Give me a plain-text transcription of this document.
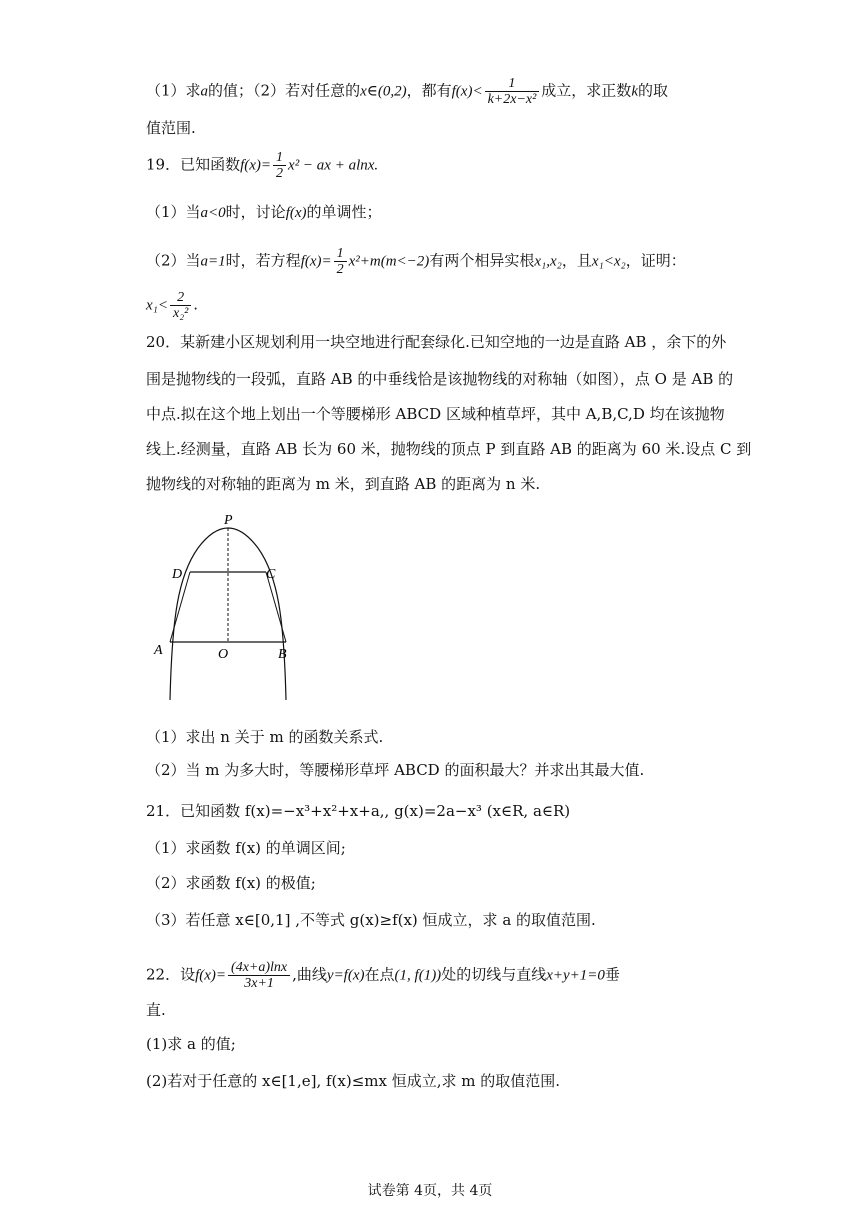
（1）求a的值；（2）若对任意的x∈(0,2)，都有$f(x)< \frac{1}{\text{k+2x−x²}}$ 成立，求正数k的取
值范围.
19．已知函数$f(x)= \frac{1}{2} x^2$ − ax + alnx.
（1）当a<0时，讨论f(x)的单调性；
（2）当a=1时，若方程$f(x)= \frac{1}{2} x^2+m(m<-2)$有两个相异实根x₁,x₂，且x₁<x₂，证明：
$x_1< \frac{2}{\text{x₂²}}$ .
20．某新建小区规划利用一块空地进行配套绿化.已知空地的一边是直路 AB ，余下的外
围是抛物线的一段弧，直路 AB 的中垂线恰是该抛物线的对称轴（如图），点 O 是 AB 的
中点.拟在这个地上划出一个等腰梯形 ABCD 区域种植草坪，其中 A,B,C,D 均在该抛物
线上.经测量，直路 AB 长为 60 米，抛物线的顶点 P 到直路 AB 的距离为 60 米.设点 C 到
抛物线的对称轴的距离为 m 米，到直路 AB 的距离为 n 米.
P
D	C
A	O	B
（1）求出 n 关于 m 的函数关系式.
（2）当 m 为多大时，等腰梯形草坪 ABCD 的面积最大？并求出其最大值.
21．已知函数 f(x)=−x³+x²+x+a,, g(x)=2a−x³ (x∈R, a∈R)
（1）求函数 f(x) 的单调区间;
（2）求函数 f(x) 的极值;
（3）若任意 x∈[0,1] ,不等式 g(x)≥f(x) 恒成立，求 a 的取值范围.
22．设$f(x)= \frac{(4x+a)\ln x}{3x+1}$ ,曲线y=f(x)在点(1, f(1))处的切线与直线x+y+1=0垂
直.
(1)求 a 的值;
(2)若对于任意的 x∈[1,e], f(x)≤mx 恒成立,求 m 的取值范围.
试卷第 4页，共 4页
